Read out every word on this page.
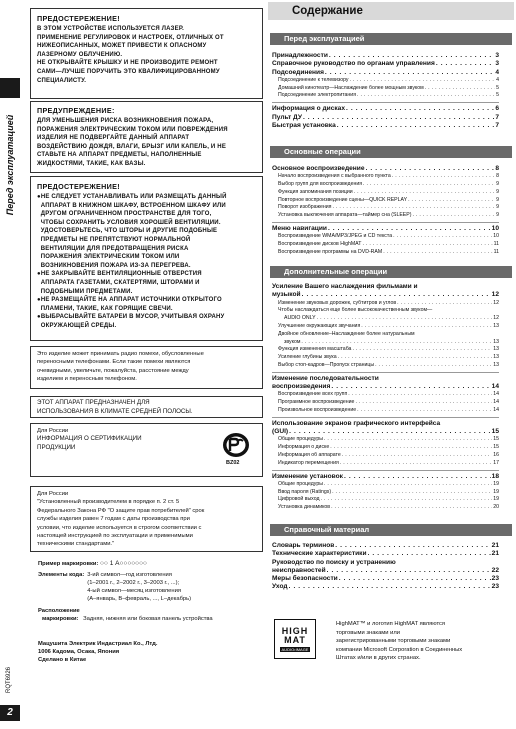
Перед эксплуатацией
RQT6926
2
ПРЕДОСТЕРЕЖЕНИЕ!
В ЭТОМ УСТРОЙСТВЕ ИСПОЛЬЗУЕТСЯ ЛАЗЕР.
ПРИМЕНЕНИЕ РЕГУЛИРОВОК И НАСТРОЕК, ОТЛИЧНЫХ ОТ
НИЖЕОПИСАННЫХ, МОЖЕТ ПРИВЕСТИ К ОПАСНОМУ
ЛАЗЕРНОМУ ОБЛУЧЕНИЮ.
НЕ ОТКРЫВАЙТЕ КРЫШКУ И НЕ ПРОИЗВОДИТЕ РЕМОНТ
САМИ—ЛУЧШЕ ПОРУЧИТЬ ЭТО КВАЛИФИЦИРОВАННОМУ
СПЕЦИАЛИСТУ.
ПРЕДУПРЕЖДЕНИЕ:
ДЛЯ УМЕНЬШЕНИЯ РИСКА ВОЗНИКНОВЕНИЯ ПОЖАРА,
ПОРАЖЕНИЯ ЭЛЕКТРИЧЕСКИМ ТОКОМ ИЛИ ПОВРЕЖДЕНИЯ
ИЗДЕЛИЯ НЕ ПОДВЕРГАЙТЕ ДАННЫЙ АППАРАТ
ВОЗДЕЙСТВИЮ ДОЖДЯ, ВЛАГИ, БРЫЗГ ИЛИ КАПЕЛЬ, И НЕ
СТАВЬТЕ НА АППАРАТ ПРЕДМЕТЫ, НАПОЛНЕННЫЕ
ЖИДКОСТЯМИ, ТАКИЕ, КАК ВАЗЫ.
ПРЕДОСТЕРЕЖЕНИЕ!
●НЕ СЛЕДУЕТ УСТАНАВЛИВАТЬ ИЛИ РАЗМЕЩАТЬ ДАННЫЙ
АППАРАТ В КНИЖНОМ ШКАФУ, ВСТРОЕННОМ ШКАФУ ИЛИ
ДРУГОМ ОГРАНИЧЕННОМ ПРОСТРАНСТВЕ ДЛЯ ТОГО,
ЧТОБЫ СОХРАНИТЬ УСЛОВИЯ ХОРОШЕЙ ВЕНТИЛЯЦИИ.
УДОСТОВЕРЬТЕСЬ, ЧТО ШТОРЫ И ДРУГИЕ ПОДОБНЫЕ
ПРЕДМЕТЫ НЕ ПРЕПЯТСТВУЮТ НОРМАЛЬНОЙ
ВЕНТИЛЯЦИИ ДЛЯ ПРЕДОТВРАЩЕНИЯ РИСКА
ПОРАЖЕНИЯ ЭЛЕКТРИЧЕСКИМ ТОКОМ ИЛИ
ВОЗНИКНОВЕНИЯ ПОЖАРА ИЗ-ЗА ПЕРЕГРЕВА.
●НЕ ЗАКРЫВАЙТЕ ВЕНТИЛЯЦИОННЫЕ ОТВЕРСТИЯ
АППАРАТА ГАЗЕТАМИ, СКАТЕРТЯМИ, ШТОРАМИ И
ПОДОБНЫМИ ПРЕДМЕТАМИ.
●НЕ РАЗМЕЩАЙТЕ НА АППАРАТ ИСТОЧНИКИ ОТКРЫТОГО
ПЛАМЕНИ, ТАКИЕ, КАК ГОРЯЩИЕ СВЕЧИ.
●ВЫБРАСЫВАЙТЕ БАТАРЕИ В МУСОР, УЧИТЫВАЯ ОХРАНУ
ОКРУЖАЮЩЕЙ СРЕДЫ.
Это изделие может принимать радио помехи, обусловленные
переносными телефонами. Если такие помехи являются
очевидными, увеличьте, пожалуйста, расстояние между
изделием и переносным телефоном.
ЭТОТ АППАРАТ ПРЕДНАЗНАЧЕН ДЛЯ
ИСПОЛЬЗОВАНИЯ В КЛИМАТЕ СРЕДНЕЙ ПОЛОСЫ.
Для России
ИНФОРМАЦИЯ О СЕРТИФИКАЦИИ
ПРОДУКЦИИ
BZ02
Для России
"Установленный производителем в порядке п. 2 ст. 5
Федерального Закона РФ "О защите прав потребителей" срок
службы изделия равен 7 годам с даты производства при
условии, что изделие используется в строгом соответствии с
настоящей инструкцией по эксплуатации и применимыми
техническими стандартами."
Пример маркировки: ○○ 1 А○○○○○○○
Элементы кода: 3-ий символ—год изготовления
(1–2001 г., 2–2002 г., 3–2003 г., ...);
4-ый символ—месяц изготовления
(А–январь, В–февраль, ..., L–декабрь)
Расположение
маркировки: Задняя, нижняя или боковая панель устройства
Мацушита Электрик Индастриал Ко., Лтд.
1006 Кадома, Осака, Япония
Сделано в Китае
Содержание
Перед эксплуатацией
Принадлежности . . .	3
Справочное руководство по органам управления . . .	3
Подсоединения . . .	4
Подсоединение к телевизору . . .	4
Домашний кинотеатр—Наслаждение более мощным звуком . . .	5
Подсоединение электропитания . . .	5
Информация о дисках . . .	6
Пульт ДУ . . .	7
Быстрая установка . . .	7
Основные операции
Основное воспроизведение . . .	8
Начало воспроизведения с выбранного пункта . . .	8
Выбор групп для воспроизведения . . .	9
Функция запоминания позиции . . .	9
Повторное воспроизведение сцены—QUICK REPLAY . . .	9
Поворот изображения . . .	9
Установка выключения аппарата—таймер сна (SLEEP) . . .	9
Меню навигации . . .	10
Воспроизведение WMA/MP3/JPEG и CD текста . . .	10
Воспроизведение дисков HighMAT . . .	11
Воспроизведение программы на DVD-RAM . . .	11
Дополнительные операции
Усиление Вашего наслаждения фильмами и
музыкой . . .	12
Изменение звуковых дорожек, субтитров и углов . . .	12
Чтобы наслаждаться еще более высококачественным звуком—
AUDIO ONLY . . .	12
Улучшение окружающих звучания . . .	13
Двойное обновление–Наслаждение более натуральным
звуком . . .	13
Функция изменения масштаба . . .	13
Усиление глубины звука . . .	13
Выбор стоп-кадров—Пропуск страницы . . .	13
Изменение последовательности
воспроизведения . . .	14
Воспроизведение всех групп . . .	14
Программное воспроизведение . . .	14
Произвольное воспроизведение . . .	14
Использование экранов графического интерфейса
(GUI) . . .	15
Общие процедуры . . .	15
Информация о диске . . .	15
Информация об аппарате . . .	16
Индикатор перемещения . . .	17
Изменение установок . . .	18
Общие процедуры . . .	19
Ввод пароля (Ratings) . . .	19
Цифровой выход . . .	19
Установка динамиков . . .	20
Справочный материал
Словарь терминов . . .	21
Технические характеристики . . .	21
Руководство по поиску и устранению
неисправностей . . .	22
Меры безопасности . . .	23
Уход . . .	23
HIGH
MAT
AUDIO•IMAGE
HighMAT™ и логотип HighMAT являются
торговыми знаками или
зарегистрированными торговыми знаками
компании Microsoft Corporation в Соединенных
Штатах и/или в других странах.
